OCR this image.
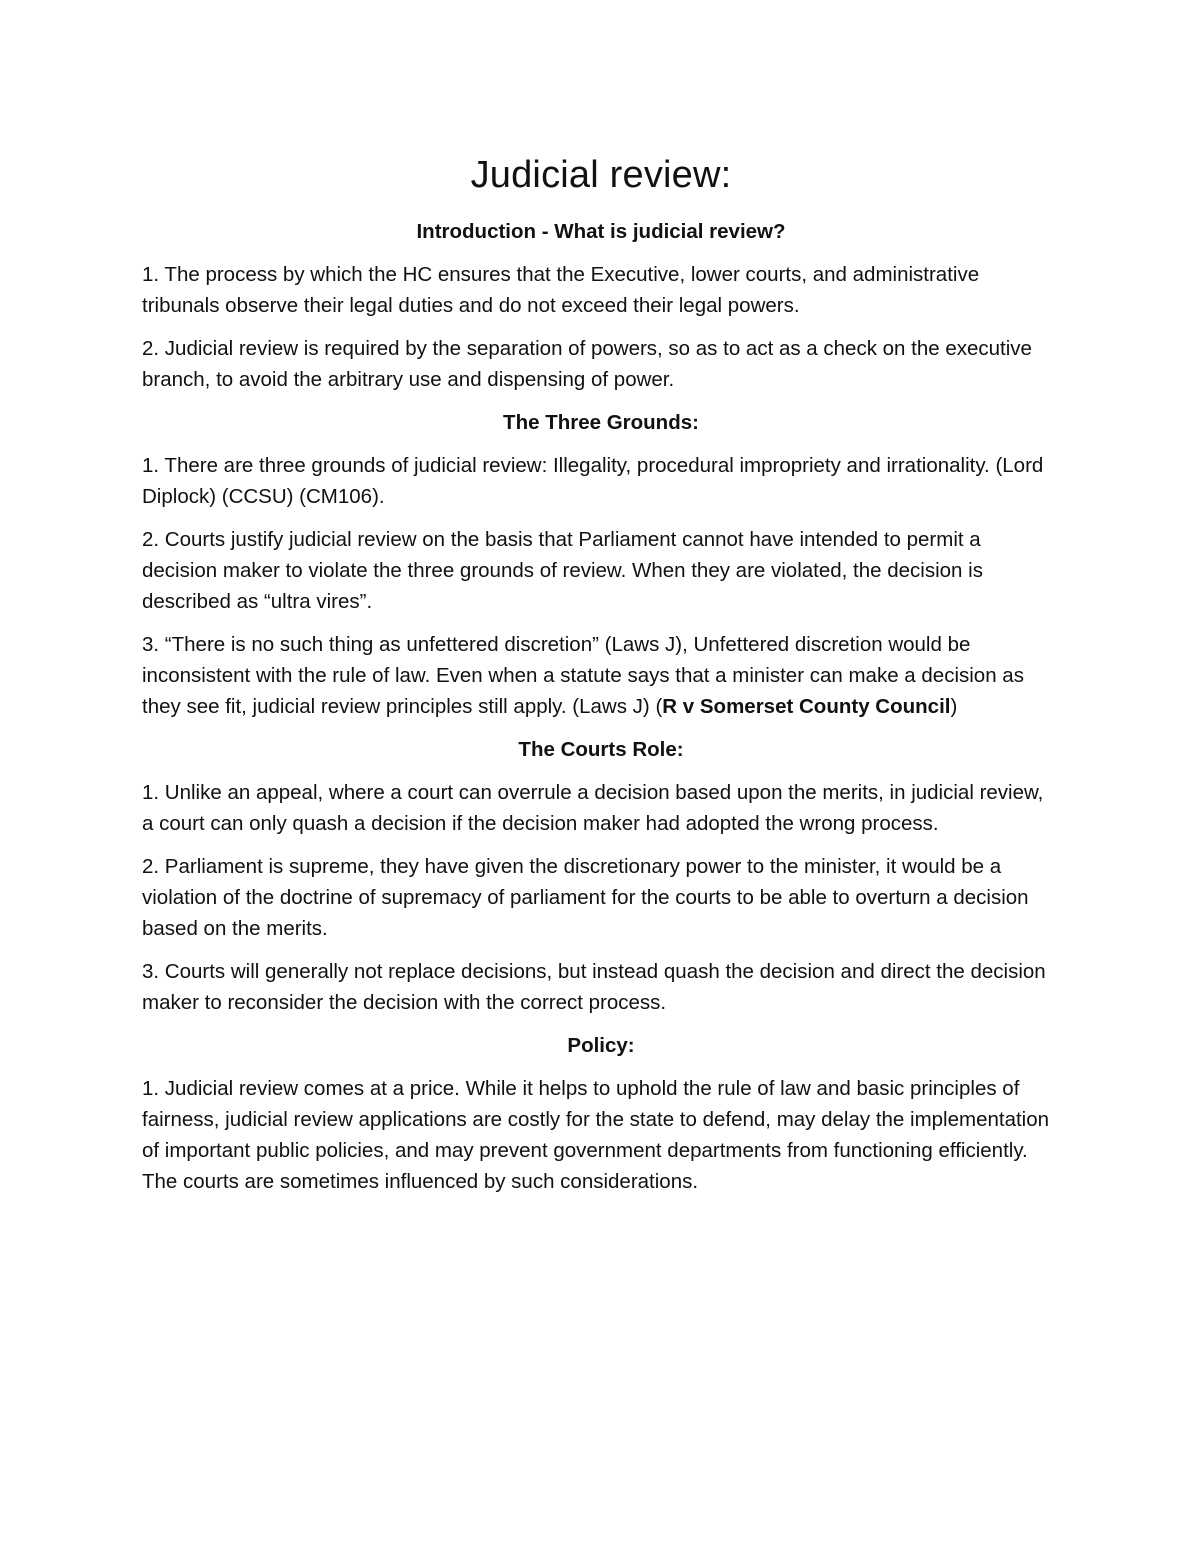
Judicial review:
Introduction - What is judicial review?

1. The process by which the HC ensures that the Executive, lower courts, and administrative tribunals observe their legal duties and do not exceed their legal powers.

2. Judicial review is required by the separation of powers, so as to act as a check on the executive branch, to avoid the arbitrary use and dispensing of power.

The Three Grounds:

1. There are three grounds of judicial review: Illegality, procedural impropriety and irrationality. (Lord Diplock) (CCSU) (CM106).

2. Courts justify judicial review on the basis that Parliament cannot have intended to permit a decision maker to violate the three grounds of review. When they are violated, the decision is described as “ultra vires”.

3. “There is no such thing as unfettered discretion” (Laws J), Unfettered discretion would be inconsistent with the rule of law. Even when a statute says that a minister can make a decision as they see fit, judicial review principles still apply. (Laws J) (R v Somerset County Council)

The Courts Role:

1. Unlike an appeal, where a court can overrule a decision based upon the merits, in judicial review, a court can only quash a decision if the decision maker had adopted the wrong process.

2. Parliament is supreme, they have given the discretionary power to the minister, it would be a violation of the doctrine of supremacy of parliament for the courts to be able to overturn a decision based on the merits.

3. Courts will generally not replace decisions, but instead quash the decision and direct the decision maker to reconsider the decision with the correct process.

Policy:

1. Judicial review comes at a price. While it helps to uphold the rule of law and basic principles of fairness, judicial review applications are costly for the state to defend, may delay the implementation of important public policies, and may prevent government departments from functioning efficiently. The courts are sometimes influenced by such considerations.
